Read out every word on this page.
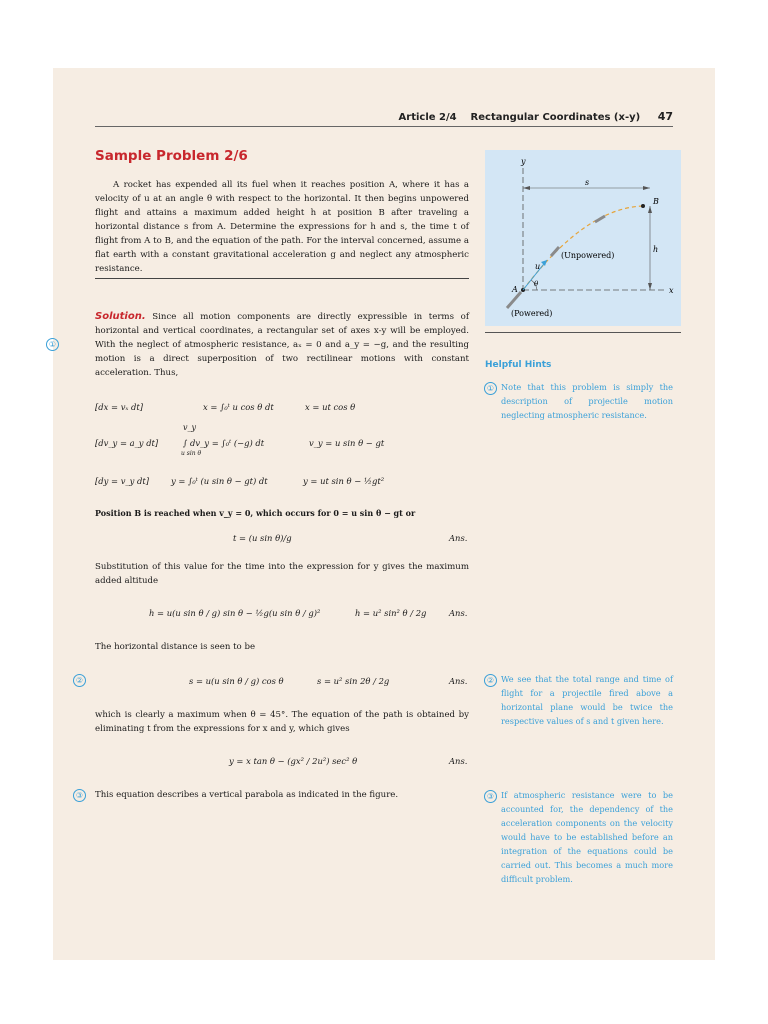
Article 2/4 Rectangular Coordinates (x-y) 47
Sample Problem 2/6

A rocket has expended all its fuel when it reaches position A, where it has a velocity of u at an angle θ with respect to the horizontal. It then begins unpowered flight and attains a maximum added height h at position B after traveling a horizontal distance s from A. Determine the expressions for h and s, the time t of flight from A to B, and the equation of the path. For the interval concerned, assume a flat earth with a constant gravitational acceleration g and neglect any atmospheric resistance.

Solution. Since all motion components are directly expressible in terms of horizontal and vertical coordinates, a rectangular set of axes x-y will be employed. With the neglect of atmospheric resistance, aₓ = 0 and a_y = −g, and the resulting motion is a direct superposition of two rectilinear motions with constant acceleration. Thus,

①
[dx = vₓ dt]	x = ∫₀ᵗ u cos θ dt	x = ut cos θ
[dv_y = a_y dt]
v_y
∫ dv_y = ∫₀ᵗ (−g) dt
u sin θ
v_y = u sin θ − gt
[dy = v_y dt]	y = ∫₀ᵗ (u sin θ − gt) dt	y = ut sin θ − ½gt²

Position B is reached when v_y = 0, which occurs for 0 = u sin θ − gt or

t = (u sin θ)/g	Ans.

Substitution of this value for the time into the expression for y gives the maximum added altitude

h = u(u sin θ / g) sin θ − ½g(u sin θ / g)²	h = u² sin² θ / 2g	Ans.

The horizontal distance is seen to be

②	s = u(u sin θ / g) cos θ	s = u² sin 2θ / 2g	Ans.

which is clearly a maximum when θ = 45°. The equation of the path is obtained by eliminating t from the expressions for x and y, which gives

y = x tan θ − (gx² / 2u²) sec² θ	Ans.
③	This equation describes a vertical parabola as indicated in the figure.

y
x
s
h
A
B
u
θ
(Unpowered)
(Powered)
Helpful Hints
① Note that this problem is simply the description of projectile motion neglecting atmospheric resistance.

② We see that the total range and time of flight for a projectile fired above a horizontal plane would be twice the respective values of s and t given here.

③ If atmospheric resistance were to be accounted for, the dependency of the acceleration components on the velocity would have to be established before an integration of the equations could be carried out. This becomes a much more difficult problem.
